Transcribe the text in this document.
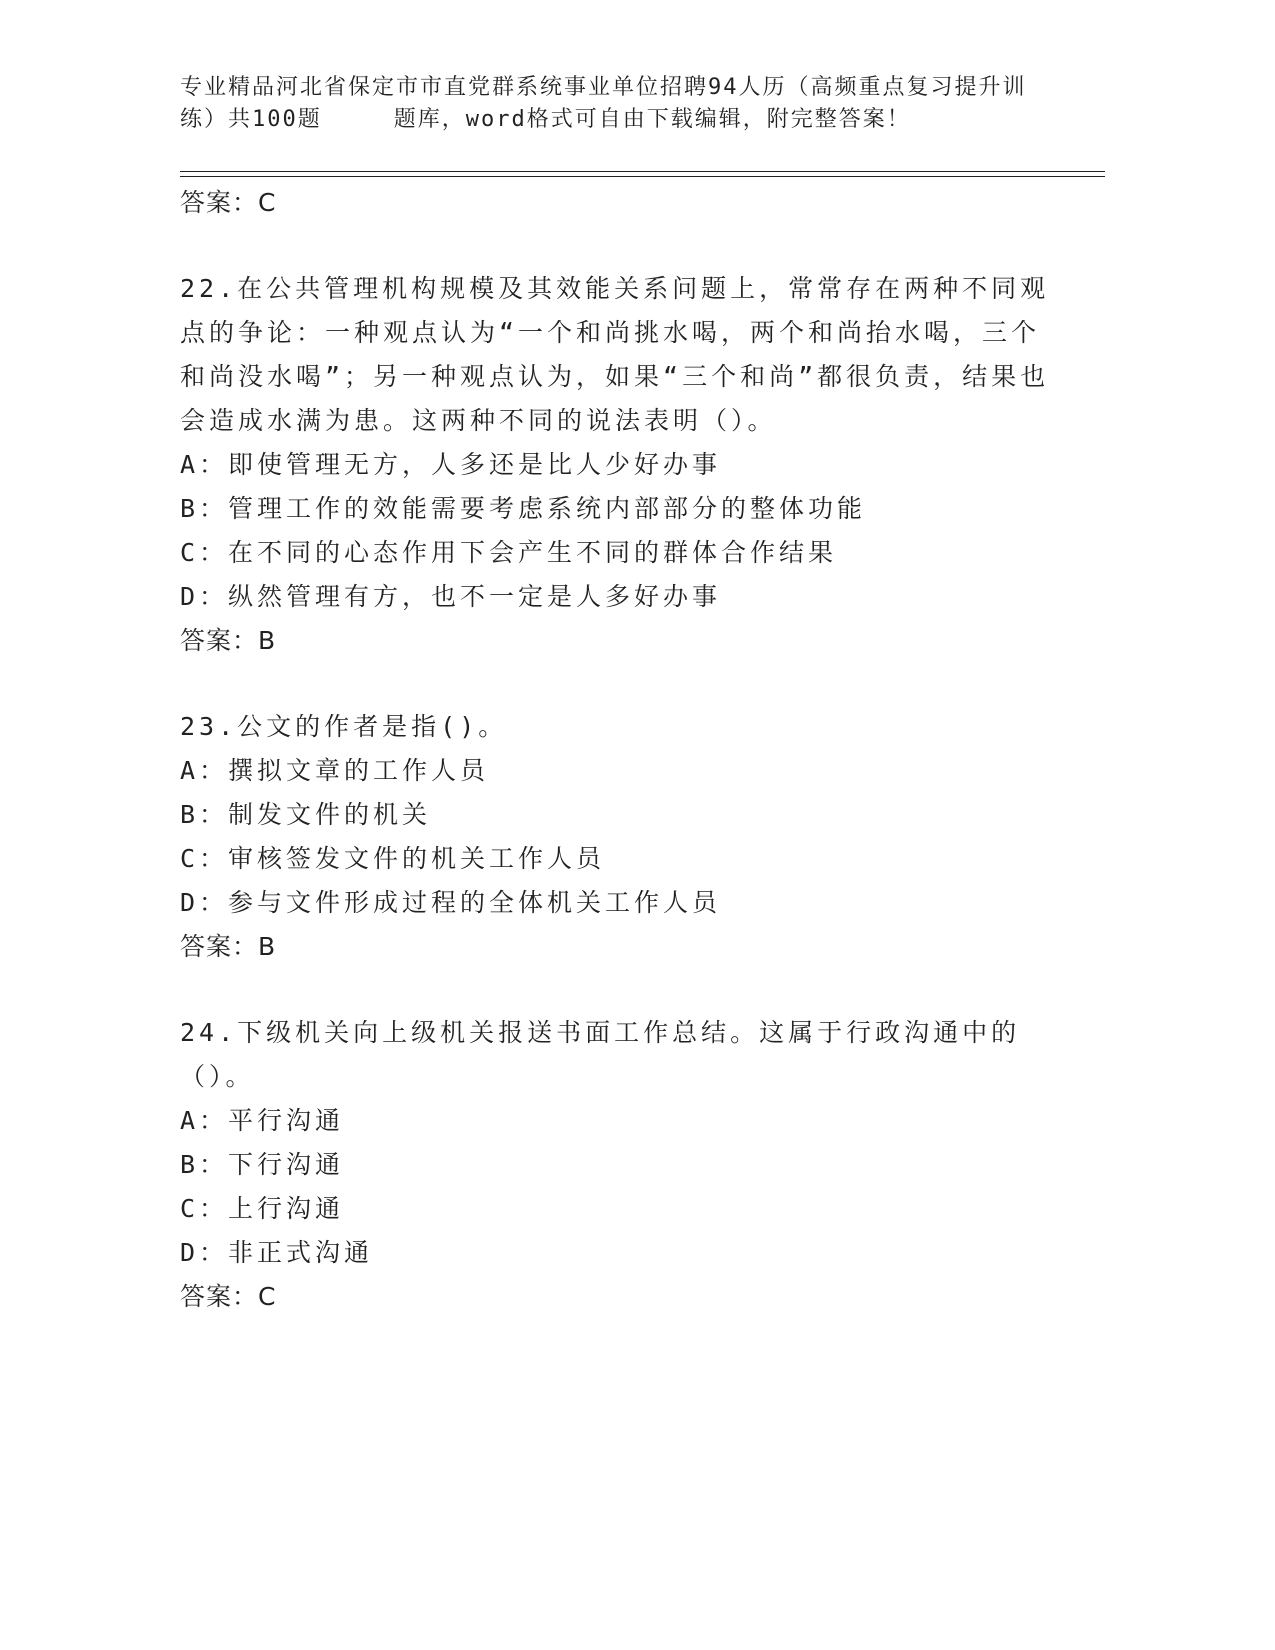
专业精品河北省保定市市直党群系统事业单位招聘94人历（高频重点复习提升训
练）共100题	题库，word格式可自由下载编辑，附完整答案！
答案：C
22.在公共管理机构规模及其效能关系问题上，常常存在两种不同观点的争论：一种观点认为“一个和尚挑水喝，两个和尚抬水喝，三个和尚没水喝”；另一种观点认为，如果“三个和尚”都很负责，结果也会造成水满为患。这两种不同的说法表明（）。
A：即使管理无方，人多还是比人少好办事
B：管理工作的效能需要考虑系统内部部分的整体功能
C：在不同的心态作用下会产生不同的群体合作结果
D：纵然管理有方，也不一定是人多好办事
答案：B
23.公文的作者是指()。
A：撰拟文章的工作人员
B：制发文件的机关
C：审核签发文件的机关工作人员
D：参与文件形成过程的全体机关工作人员
答案：B
24.下级机关向上级机关报送书面工作总结。这属于行政沟通中的（）。
A：平行沟通
B：下行沟通
C：上行沟通
D：非正式沟通
答案：C
